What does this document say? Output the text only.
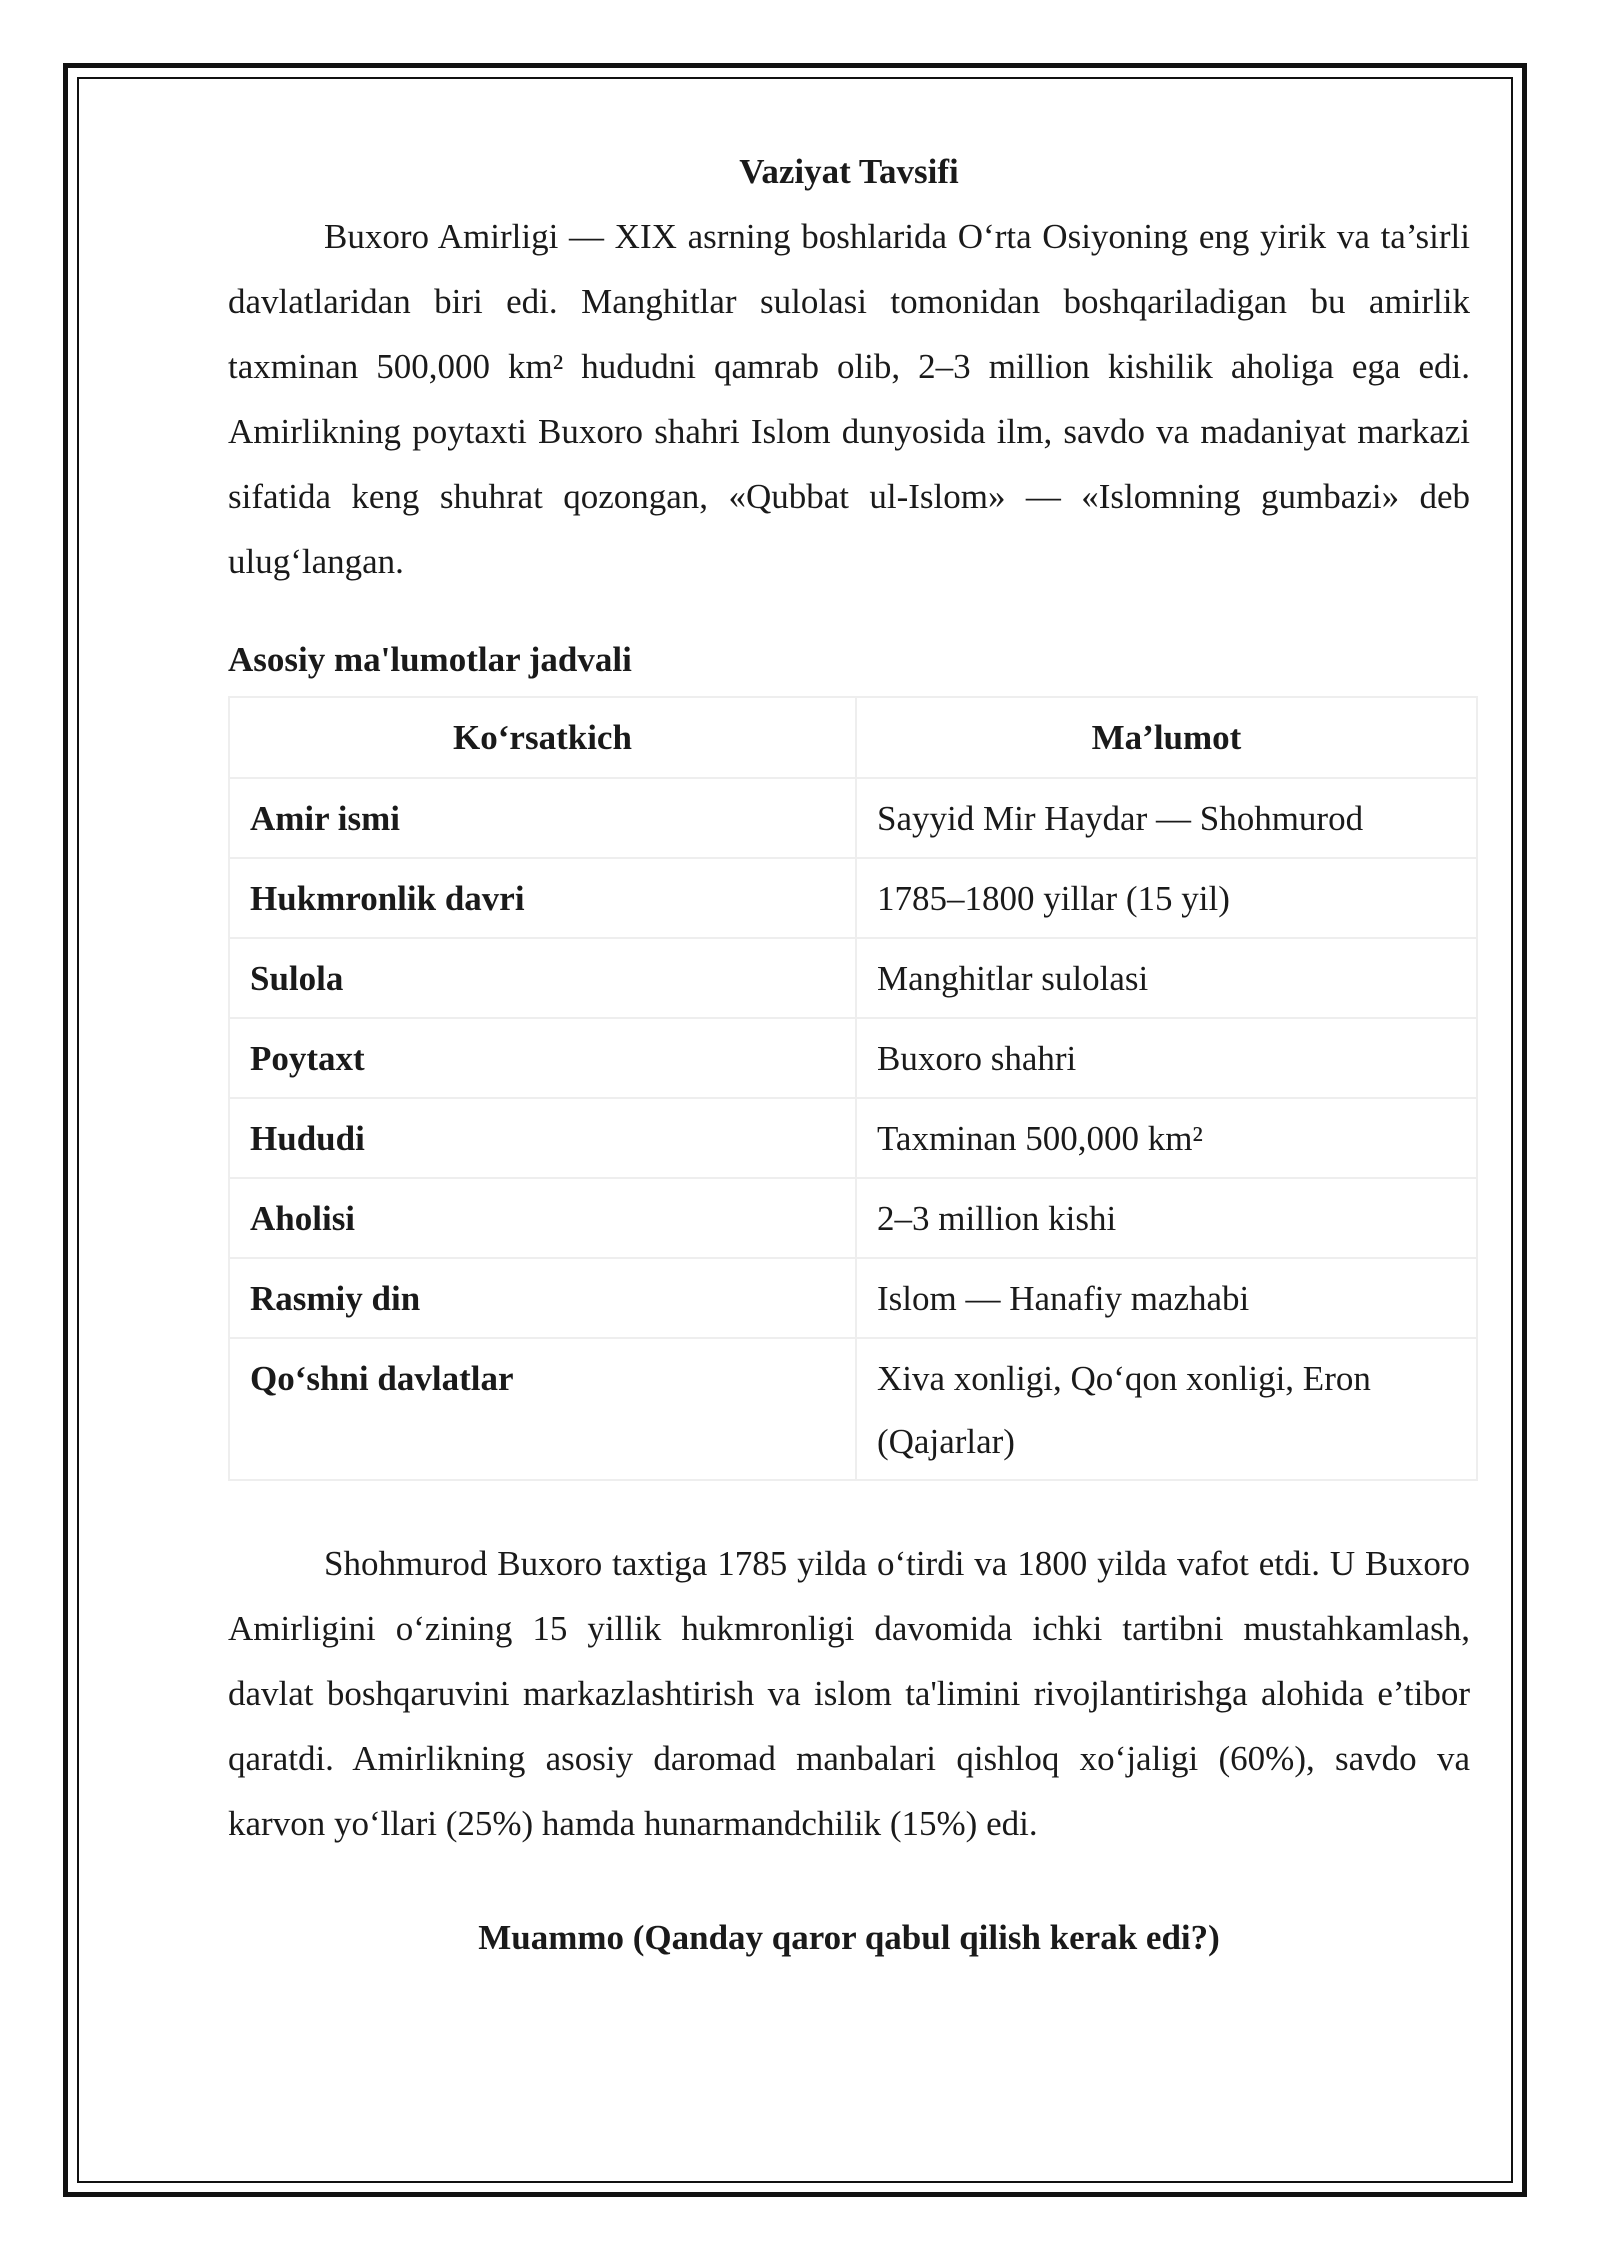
Vaziyat Tavsifi

Buxoro Amirligi — XIX asrning boshlarida O‘rta Osiyoning eng yirik va ta’sirli davlatlaridan biri edi. Manghitlar sulolasi tomonidan boshqariladigan bu amirlik taxminan 500,000 km² hududni qamrab olib, 2–3 million kishilik aholiga ega edi. Amirlikning poytaxti Buxoro shahri Islom dunyosida ilm, savdo va madaniyat markazi sifatida keng shuhrat qozongan, «Qubbat ul-Islom» — «Islomning gumbazi» deb ulug‘langan.

Asosiy ma'lumotlar jadvali
Ko‘rsatkich	Ma’lumot
Amir ismi	Sayyid Mir Haydar — Shohmurod
Hukmronlik davri	1785–1800 yillar (15 yil)
Sulola	Manghitlar sulolasi
Poytaxt	Buxoro shahri
Hududi	Taxminan 500,000 km²
Aholisi	2–3 million kishi
Rasmiy din	Islom — Hanafiy mazhabi
Qo‘shni davlatlar	Xiva xonligi, Qo‘qon xonligi, Eron (Qajarlar)

Shohmurod Buxoro taxtiga 1785 yilda o‘tirdi va 1800 yilda vafot etdi. U Buxoro Amirligini o‘zining 15 yillik hukmronligi davomida ichki tartibni mustahkamlash, davlat boshqaruvini markazlashtirish va islom ta'limini rivojlantirishga alohida e’tibor qaratdi. Amirlikning asosiy daromad manbalari qishloq xo‘jaligi (60%), savdo va karvon yo‘llari (25%) hamda hunarmandchilik (15%) edi.

Muammo (Qanday qaror qabul qilish kerak edi?)
